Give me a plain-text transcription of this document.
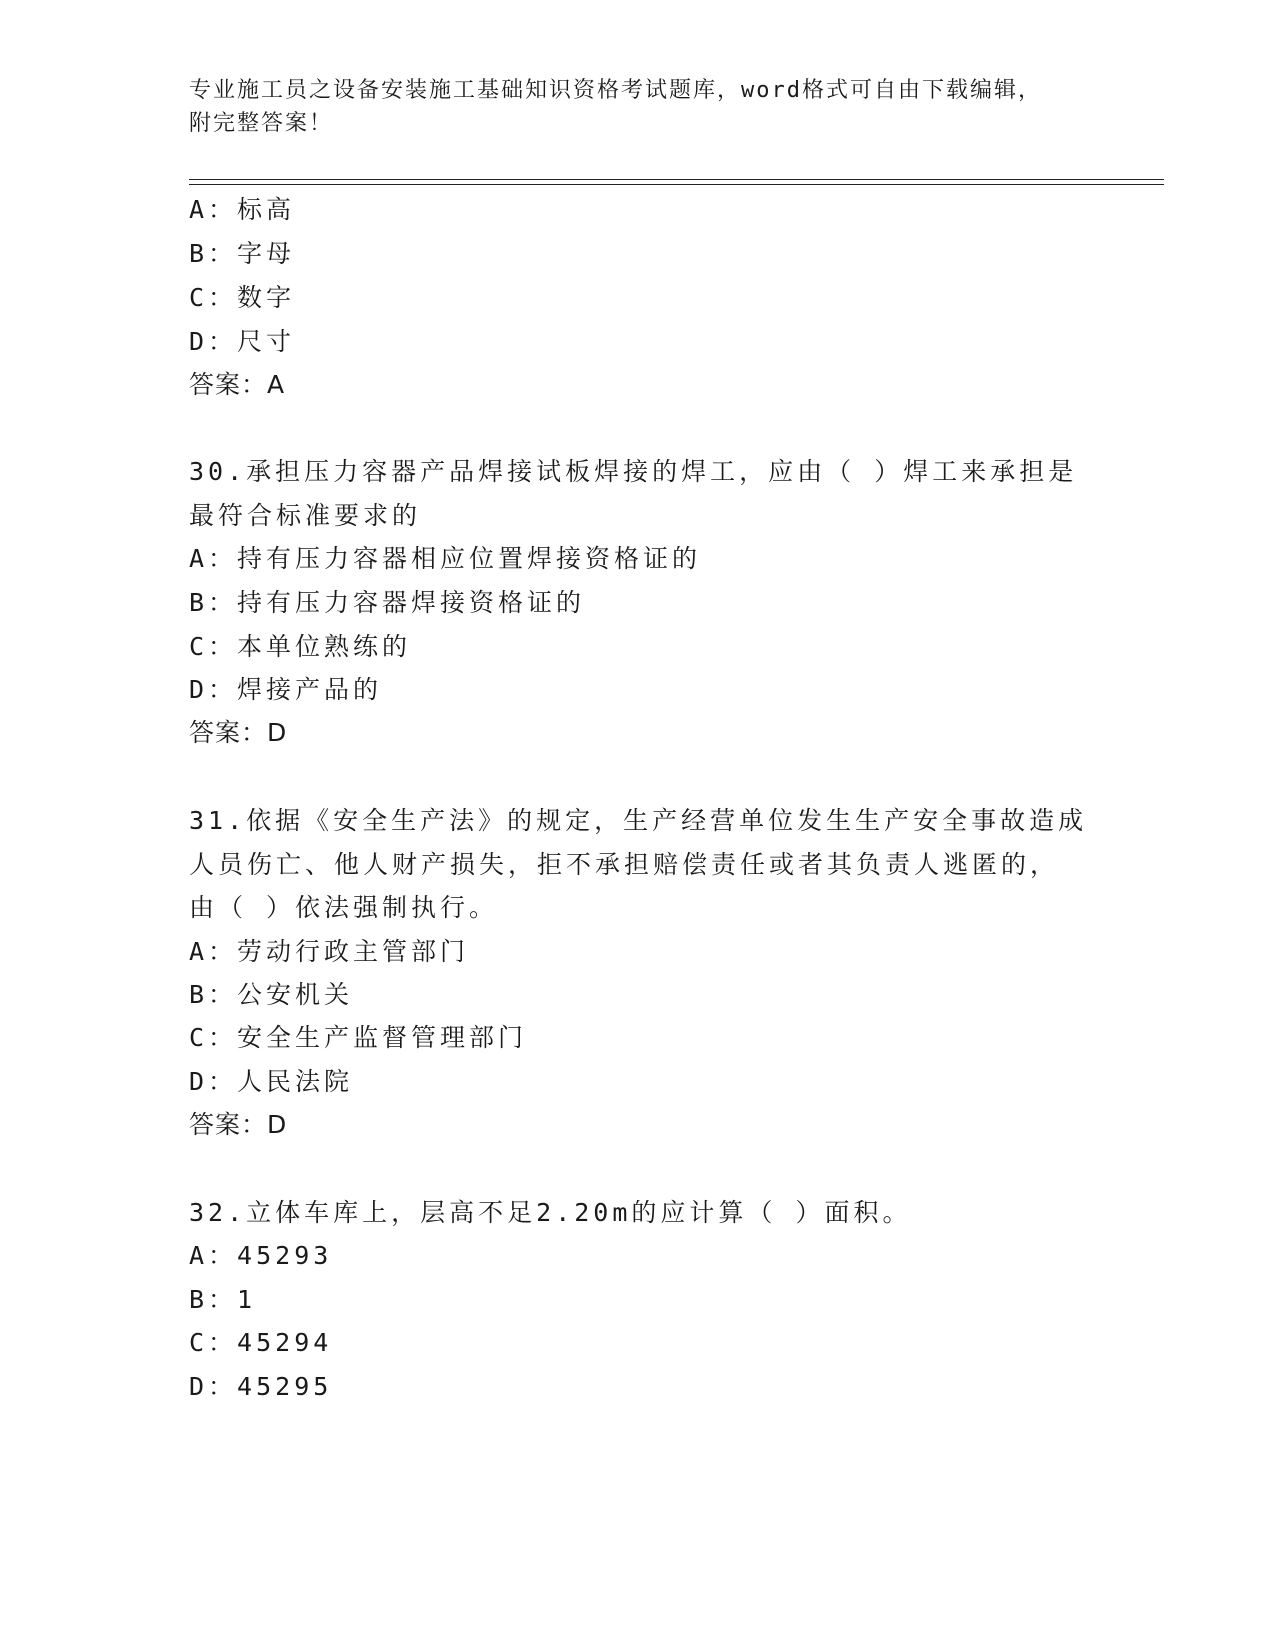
专业施工员之设备安装施工基础知识资格考试题库，word格式可自由下载编辑，
附完整答案！
A：标高
B：字母
C：数字
D：尺寸
答案：A
30.承担压力容器产品焊接试板焊接的焊工，应由（ ）焊工来承担是
最符合标准要求的
A：持有压力容器相应位置焊接资格证的
B：持有压力容器焊接资格证的
C：本单位熟练的
D：焊接产品的
答案：D
31.依据《安全生产法》的规定，生产经营单位发生生产安全事故造成
人员伤亡、他人财产损失，拒不承担赔偿责任或者其负责人逃匿的，
由（ ）依法强制执行。
A：劳动行政主管部门
B：公安机关
C：安全生产监督管理部门
D：人民法院
答案：D
32.立体车库上，层高不足2.20m的应计算（ ）面积。
A：45293
B：1
C：45294
D：45295
